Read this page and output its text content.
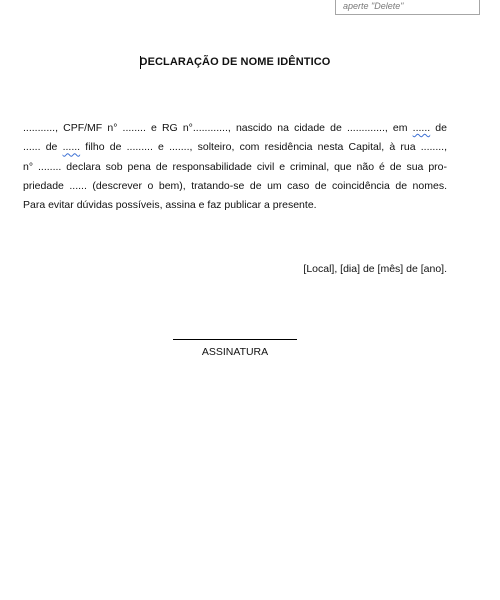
aperte "Delete"
DECLARAÇÃO DE NOME IDÊNTICO
..........., CPF/MF n° ........ e RG n°............, nascido na cidade de ............., em ...... de
...... de ...... filho de ......... e ......., solteiro, com residência nesta Capital, à rua ........,
n° ........ declara sob pena de responsabilidade civil e criminal, que não é de sua pro-
priedade ...... (descrever o bem), tratando-se de um caso de coincidência de nomes.
Para evitar dúvidas possíveis, assina e faz publicar a presente.
[Local], [dia] de [mês] de [ano].
ASSINATURA
